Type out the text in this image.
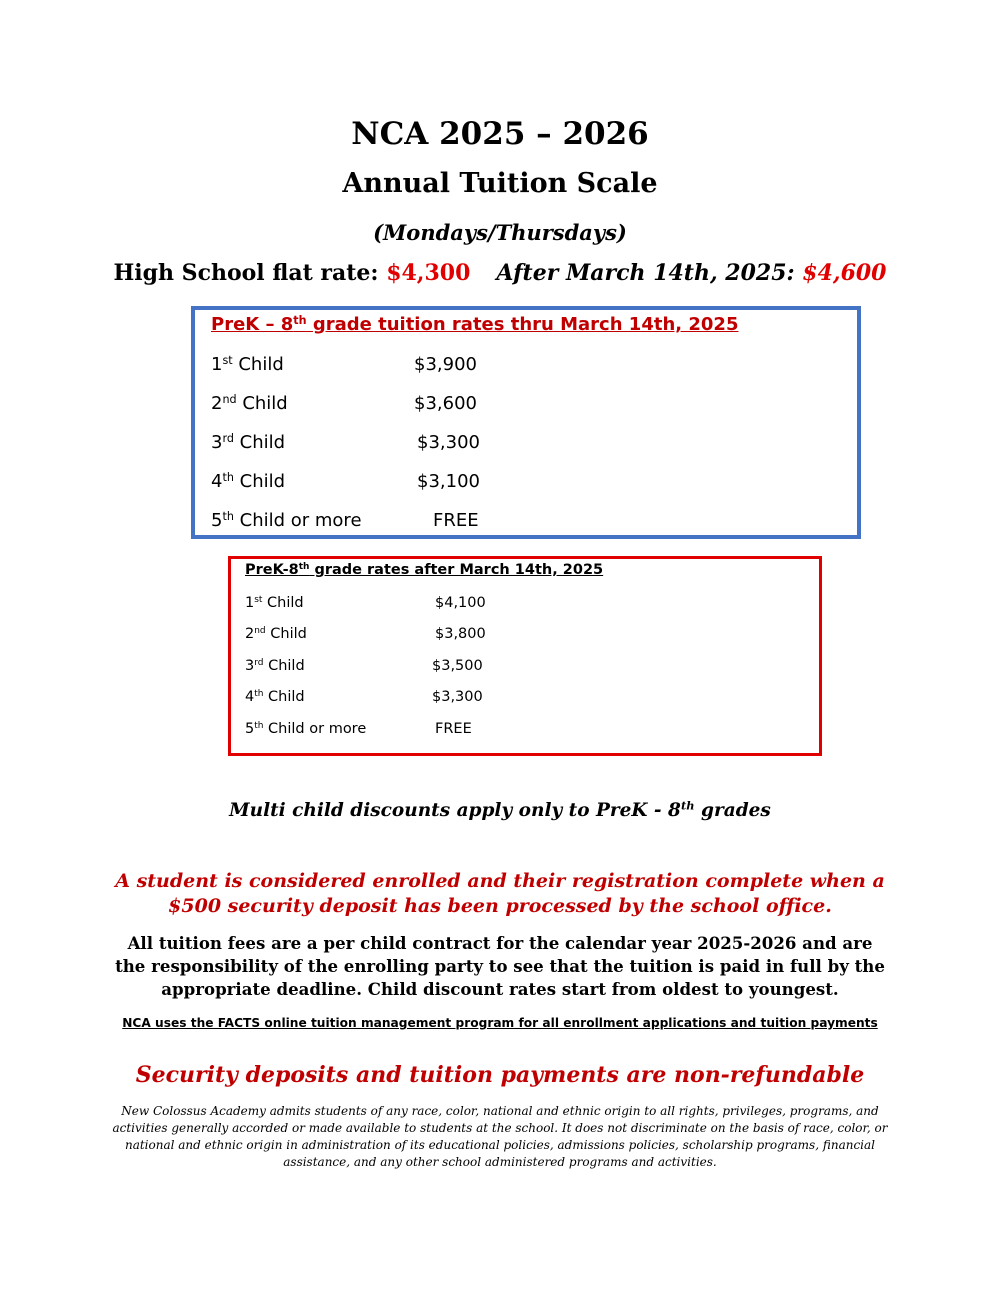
NCA 2025 – 2026
Annual Tuition Scale
(Mondays/Thursdays)
High School flat rate: $4,300 After March 14th, 2025: $4,600
PreK – 8th grade tuition rates thru March 14th, 2025
1st Child	$3,900
2nd Child	$3,600
3rd Child	$3,300
4th Child	$3,100
5th Child or more	FREE
PreK-8th grade rates after March 14th, 2025
1st Child	$4,100
2nd Child	$3,800
3rd Child	$3,500
4th Child	$3,300
5th Child or more	FREE
Multi child discounts apply only to PreK - 8th grades
A student is considered enrolled and their registration complete when a $500 security deposit has been processed by the school office.
All tuition fees are a per child contract for the calendar year 2025-2026 and are the responsibility of the enrolling party to see that the tuition is paid in full by the appropriate deadline. Child discount rates start from oldest to youngest.
NCA uses the FACTS online tuition management program for all enrollment applications and tuition payments
Security deposits and tuition payments are non-refundable
New Colossus Academy admits students of any race, color, national and ethnic origin to all rights, privileges, programs, and activities generally accorded or made available to students at the school. It does not discriminate on the basis of race, color, or national and ethnic origin in administration of its educational policies, admissions policies, scholarship programs, financial assistance, and any other school administered programs and activities.
